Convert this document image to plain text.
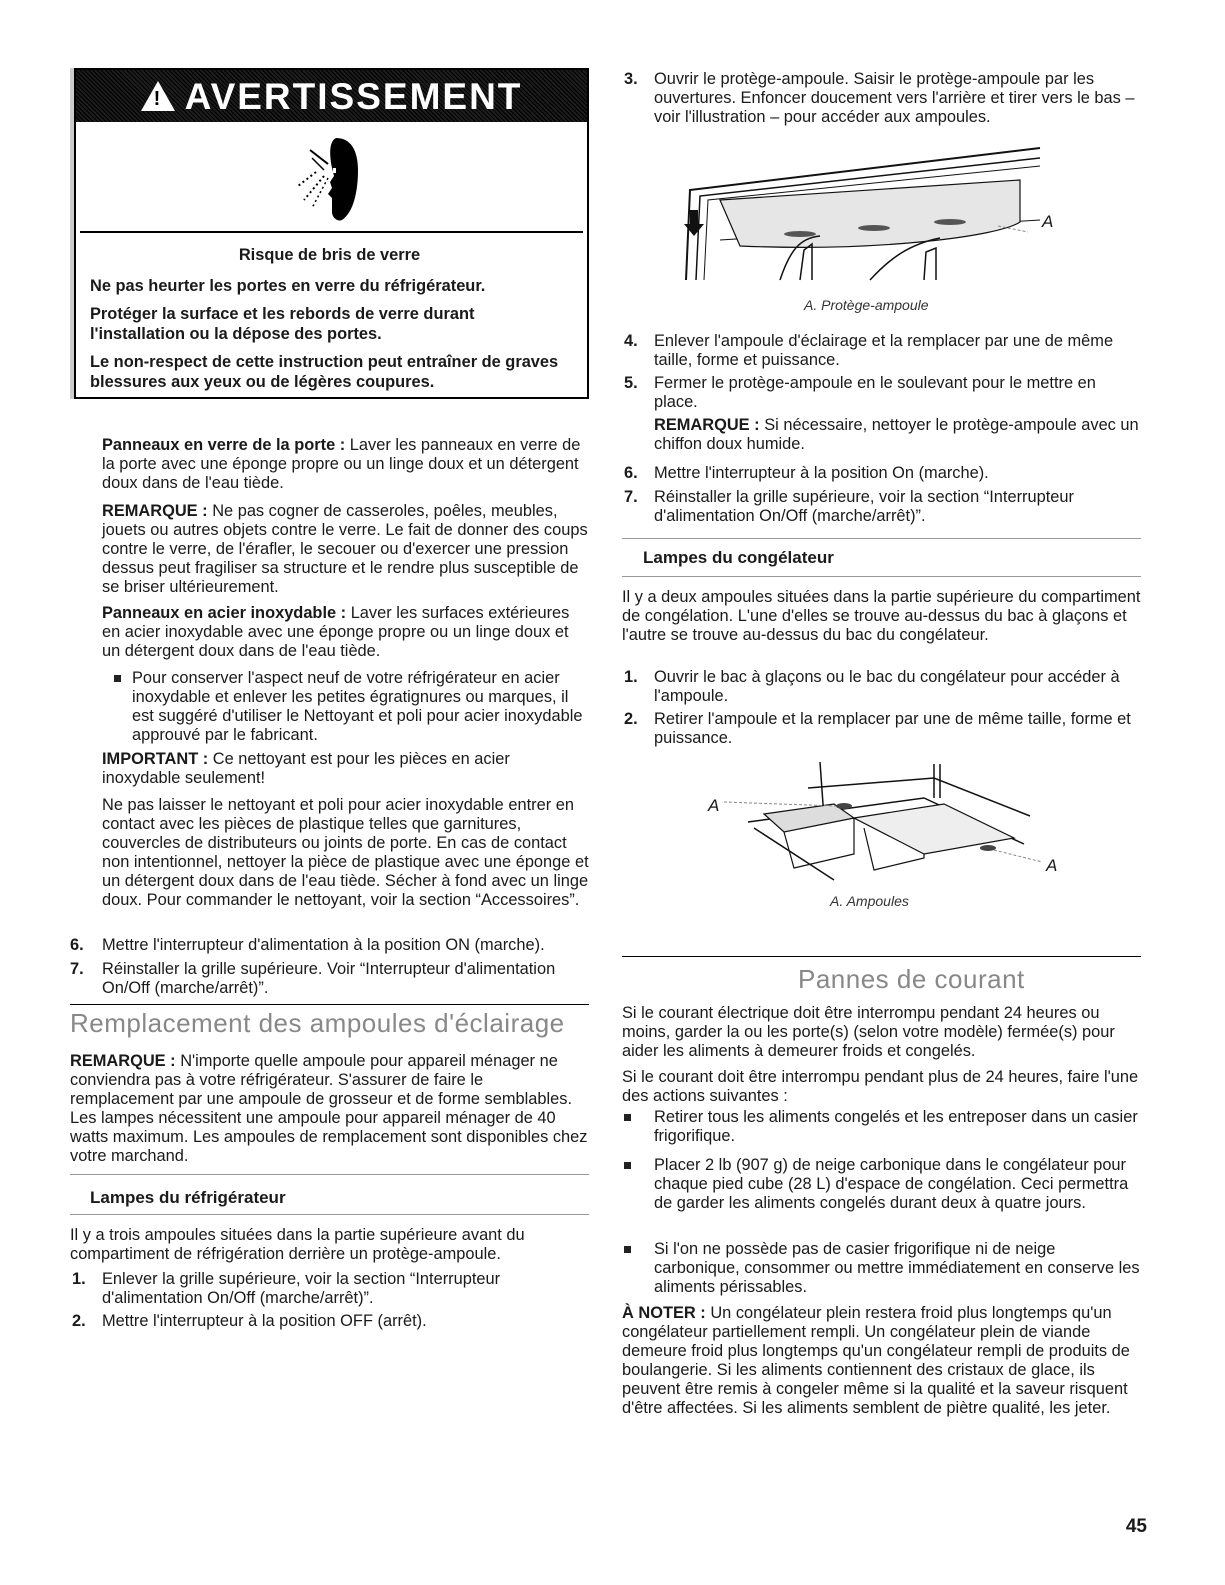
! AVERTISSEMENT

Risque de bris de verre

Ne pas heurter les portes en verre du réfrigérateur.

Protéger la surface et les rebords de verre durant l'installation ou la dépose des portes.

Le non-respect de cette instruction peut entraîner de graves blessures aux yeux ou de légères coupures.

Panneaux en verre de la porte : Laver les panneaux en verre de la porte avec une éponge propre ou un linge doux et un détergent doux dans de l'eau tiède.

REMARQUE : Ne pas cogner de casseroles, poêles, meubles, jouets ou autres objets contre le verre. Le fait de donner des coups contre le verre, de l'érafler, le secouer ou d'exercer une pression dessus peut fragiliser sa structure et le rendre plus susceptible de se briser ultérieurement.

Panneaux en acier inoxydable : Laver les surfaces extérieures en acier inoxydable avec une éponge propre ou un linge doux et un détergent doux dans de l'eau tiède.

Pour conserver l'aspect neuf de votre réfrigérateur en acier inoxydable et enlever les petites égratignures ou marques, il est suggéré d'utiliser le Nettoyant et poli pour acier inoxydable approuvé par le fabricant.

IMPORTANT : Ce nettoyant est pour les pièces en acier inoxydable seulement!

Ne pas laisser le nettoyant et poli pour acier inoxydable entrer en contact avec les pièces de plastique telles que garnitures, couvercles de distributeurs ou joints de porte. En cas de contact non intentionnel, nettoyer la pièce de plastique avec une éponge et un détergent doux dans de l'eau tiède. Sécher à fond avec un linge doux. Pour commander le nettoyant, voir la section “Accessoires”.

6. Mettre l'interrupteur d'alimentation à la position ON (marche).

7. Réinstaller la grille supérieure. Voir “Interrupteur d'alimentation On/Off (marche/arrêt)”.

Remplacement des ampoules d'éclairage

REMARQUE : N'importe quelle ampoule pour appareil ménager ne conviendra pas à votre réfrigérateur. S'assurer de faire le remplacement par une ampoule de grosseur et de forme semblables. Les lampes nécessitent une ampoule pour appareil ménager de 40 watts maximum. Les ampoules de remplacement sont disponibles chez votre marchand.

Lampes du réfrigérateur

Il y a trois ampoules situées dans la partie supérieure avant du compartiment de réfrigération derrière un protège-ampoule.

1. Enlever la grille supérieure, voir la section “Interrupteur d'alimentation On/Off (marche/arrêt)”.

2. Mettre l'interrupteur à la position OFF (arrêt).

3. Ouvrir le protège-ampoule. Saisir le protège-ampoule par les ouvertures. Enfoncer doucement vers l'arrière et tirer vers le bas – voir l'illustration – pour accéder aux ampoules.

A
A. Protège-ampoule
4. Enlever l'ampoule d'éclairage et la remplacer par une de même taille, forme et puissance.

5. Fermer le protège-ampoule en le soulevant pour le mettre en place.

REMARQUE : Si nécessaire, nettoyer le protège-ampoule avec un chiffon doux humide.

6. Mettre l'interrupteur à la position On (marche).

7. Réinstaller la grille supérieure, voir la section “Interrupteur d'alimentation On/Off (marche/arrêt)”.

Lampes du congélateur

Il y a deux ampoules situées dans la partie supérieure du compartiment de congélation. L'une d'elles se trouve au-dessus du bac à glaçons et l'autre se trouve au-dessus du bac du congélateur.

1. Ouvrir le bac à glaçons ou le bac du congélateur pour accéder à l'ampoule.

2. Retirer l'ampoule et la remplacer par une de même taille, forme et puissance.

A
A
A. Ampoules
Pannes de courant

Si le courant électrique doit être interrompu pendant 24 heures ou moins, garder la ou les porte(s) (selon votre modèle) fermée(s) pour aider les aliments à demeurer froids et congelés.

Si le courant doit être interrompu pendant plus de 24 heures, faire l'une des actions suivantes :

Retirer tous les aliments congelés et les entreposer dans un casier frigorifique.

Placer 2 lb (907 g) de neige carbonique dans le congélateur pour chaque pied cube (28 L) d'espace de congélation. Ceci permettra de garder les aliments congelés durant deux à quatre jours.

Si l'on ne possède pas de casier frigorifique ni de neige carbonique, consommer ou mettre immédiatement en conserve les aliments périssables.

À NOTER : Un congélateur plein restera froid plus longtemps qu'un congélateur partiellement rempli. Un congélateur plein de viande demeure froid plus longtemps qu'un congélateur rempli de produits de boulangerie. Si les aliments contiennent des cristaux de glace, ils peuvent être remis à congeler même si la qualité et la saveur risquent d'être affectées. Si les aliments semblent de piètre qualité, les jeter.

45
